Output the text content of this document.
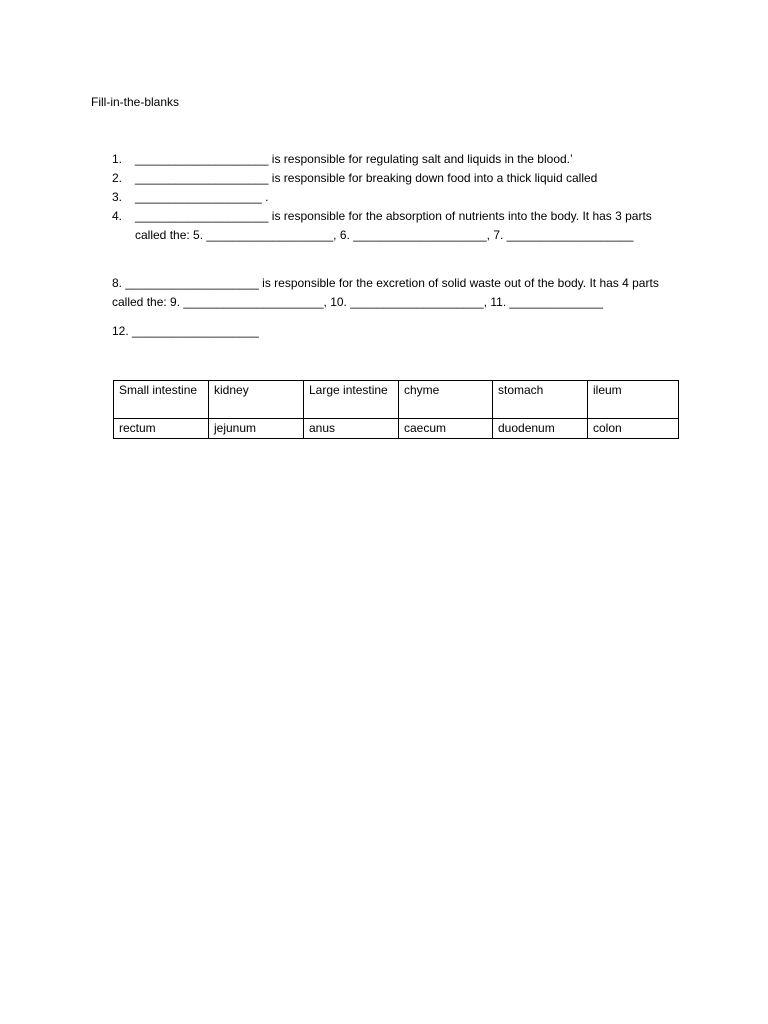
Fill-in-the-blanks
1. ____________________ is responsible for regulating salt and liquids in the blood.’
2. ____________________ is responsible for breaking down food into a thick liquid called
3. ___________________ .
4. ____________________ is responsible for the absorption of nutrients into the body. It has 3 parts called the: 5. ___________________, 6. ____________________, 7. ___________________
8. ____________________ is responsible for the excretion of solid waste out of the body. It has 4 parts called the: 9. _____________________, 10. ____________________, 11. ______________
12. ___________________
Small intestine	kidney	Large intestine	chyme	stomach	ileum
rectum	jejunum	anus	caecum	duodenum	colon
